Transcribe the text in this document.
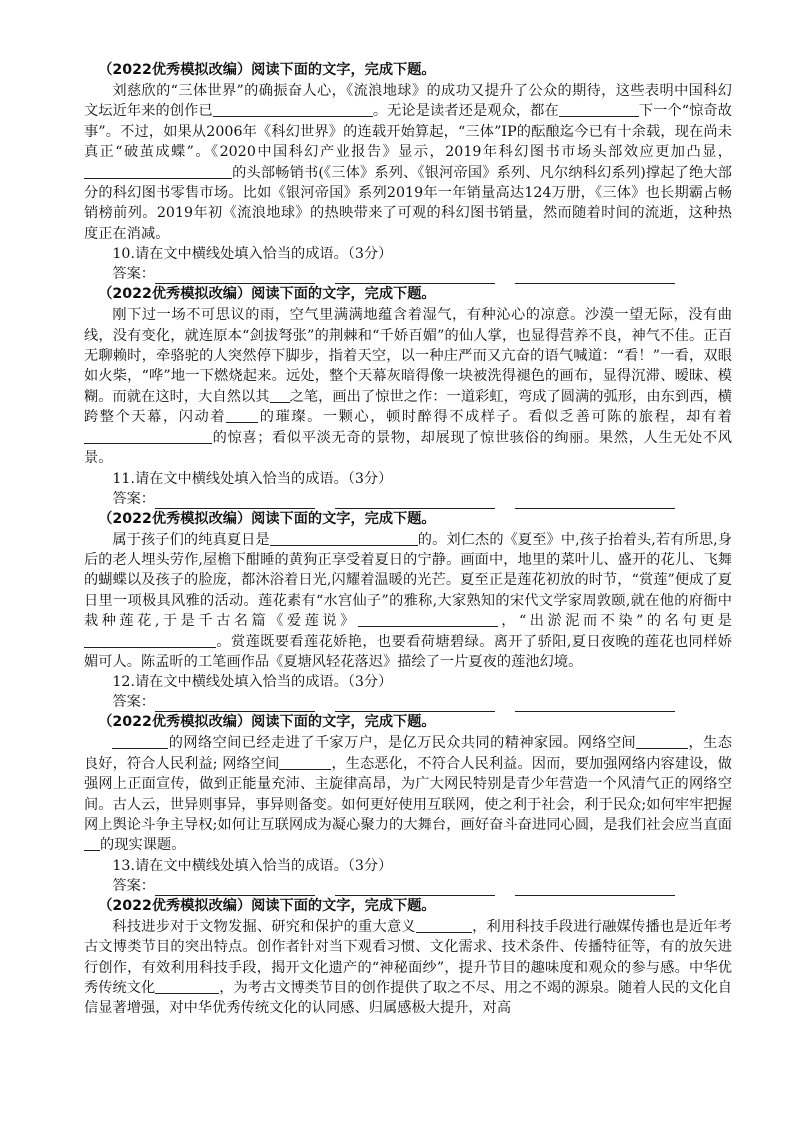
（2022优秀模拟改编）阅读下面的文字，完成下题。

刘慈欣的“三体世界”的确振奋人心，《流浪地球》的成功又提升了公众的期待，这些表明中国科幻文坛近年来的创作已	。无论是读者还是观众，都在	下一个“惊奇故事”。不过，如果从2006年《科幻世界》的连载开始算起，“三体”IP的酝酿迄今已有十余载，现在尚未真正“破茧成蝶”。《2020中国科幻产业报告》显示，2019年科幻图书市场头部效应更加凸显，的头部畅销书(《三体》系列、《银河帝国》系列、凡尔纳科幻系列)撑起了绝大部分的科幻图书零售市场。比如《银河帝国》系列2019年一年销量高达124万册，《三体》也长期霸占畅销榜前列。2019年初《流浪地球》的热映带来了可观的科幻图书销量，然而随着时间的流逝，这种热度正在消减。

10.请在文中横线处填入恰当的成语。（3分）

答案：

（2022优秀模拟改编）阅读下面的文字，完成下题。

刚下过一场不可思议的雨，空气里满满地蕴含着湿气，有种沁心的凉意。沙漠一望无际，没有曲线，没有变化，就连原本“剑拔弩张”的荆棘和“千娇百媚”的仙人掌，也显得营养不良，神气不佳。正百无聊赖时，牵骆驼的人突然停下脚步，指着天空，以一种庄严而又亢奋的语气喊道：“看！”一看，双眼如火柴，“哗”地一下燃烧起来。远处，整个天幕灰暗得像一块被洗得褪色的画布，显得沉滞、暧昧、模糊。而就在这时，大自然以其 之笔，画出了惊世之作：一道彩虹，弯成了圆满的弧形，由东到西，横跨整个天幕，闪动着 的璀璨。一颗心，顿时醉得不成样子。看似乏善可陈的旅程，却有着的惊喜；看似平淡无奇的景物，却展现了惊世骇俗的绚丽。果然，人生无处不风景。

11.请在文中横线处填入恰当的成语。（3分）

答案：

（2022优秀模拟改编）阅读下面的文字，完成下题。

属于孩子们的纯真夏日是	的。刘仁杰的《夏至》中,孩子抬着头,若有所思,身后的老人埋头劳作,屋檐下酣睡的黄狗正享受着夏日的宁静。画面中，地里的菜叶儿、盛开的花儿、飞舞的蝴蝶以及孩子的脸庞，都沐浴着日光,闪耀着温暖的光芒。夏至正是莲花初放的时节，“赏莲”便成了夏日里一项极具风雅的活动。莲花素有“水宫仙子”的雅称,大家熟知的宋代文学家周敦颐,就在他的府衙中栽种莲花,于是千古名篇《爱莲说》	，“出淤泥而不染”的名句更是。赏莲既要看莲花娇艳，也要看荷塘碧绿。离开了骄阳,夏日夜晚的莲花也同样娇媚可人。陈孟昕的工笔画作品《夏塘风轻花落迟》描绘了一片夏夜的莲池幻境。

12.请在文中横线处填入恰当的成语。（3分）

答案：

（2022优秀模拟改编）阅读下面的文字，完成下题。

的网络空间已经走进了千家万户，是亿万民众共同的精神家园。网络空间	，生态良好，符合人民利益; 网络空间	，生态恶化，不符合人民利益。因而，要加强网络内容建设，做强网上正面宣传，做到正能量充沛、主旋律高昂，为广大网民特别是青少年营造一个风清气正的网络空间。古人云，世异则事异，事异则备变。如何更好使用互联网，使之利于社会，利于民众;如何牢牢把握网上舆论斗争主导权;如何让互联网成为凝心聚力的大舞台，画好奋斗奋进同心圆，是我们社会应当直面的现实课题。

13.请在文中横线处填入恰当的成语。（3分）

答案：

（2022优秀模拟改编）阅读下面的文字，完成下题。

科技进步对于文物发掘、研究和保护的重大意义	，利用科技手段进行融媒传播也是近年考古文博类节目的突出特点。创作者针对当下观看习惯、文化需求、技术条件、传播特征等，有的放矢进行创作，有效利用科技手段，揭开文化遗产的“神秘面纱”，提升节目的趣味度和观众的参与感。中华优秀传统文化	，为考古文博类节目的创作提供了取之不尽、用之不竭的源泉。随着人民的文化自信显著增强，对中华优秀传统文化的认同感、归属感极大提升，对高
